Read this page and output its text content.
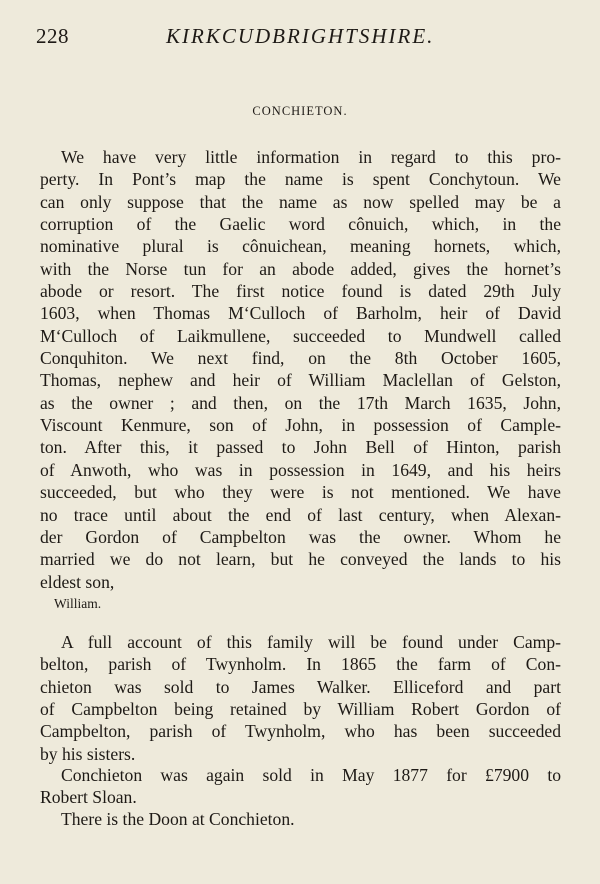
228	KIRKCUDBRIGHTSHIRE.
CONCHIETON.
We have very little information in regard to this pro-
perty. In Pont’s map the name is spent Conchytoun. We
can only suppose that the name as now spelled may be a
corruption of the Gaelic word cônuich, which, in the
nominative plural is cônuichean, meaning hornets, which,
with the Norse tun for an abode added, gives the hornet’s
abode or resort. The first notice found is dated 29th July
1603, when Thomas M‘Culloch of Barholm, heir of David
M‘Culloch of Laikmullene, succeeded to Mundwell called
Conquhiton. We next find, on the 8th October 1605,
Thomas, nephew and heir of William Maclellan of Gelston,
as the owner ; and then, on the 17th March 1635, John,
Viscount Kenmure, son of John, in possession of Cample-
ton. After this, it passed to John Bell of Hinton, parish
of Anwoth, who was in possession in 1649, and his heirs
succeeded, but who they were is not mentioned. We have
no trace until about the end of last century, when Alexan-
der Gordon of Campbelton was the owner. Whom he
married we do not learn, but he conveyed the lands to his
eldest son,
William.
A full account of this family will be found under Camp-
belton, parish of Twynholm. In 1865 the farm of Con-
chieton was sold to James Walker. Elliceford and part
of Campbelton being retained by William Robert Gordon of
Campbelton, parish of Twynholm, who has been succeeded
by his sisters.
Conchieton was again sold in May 1877 for £7900 to
Robert Sloan.
There is the Doon at Conchieton.
